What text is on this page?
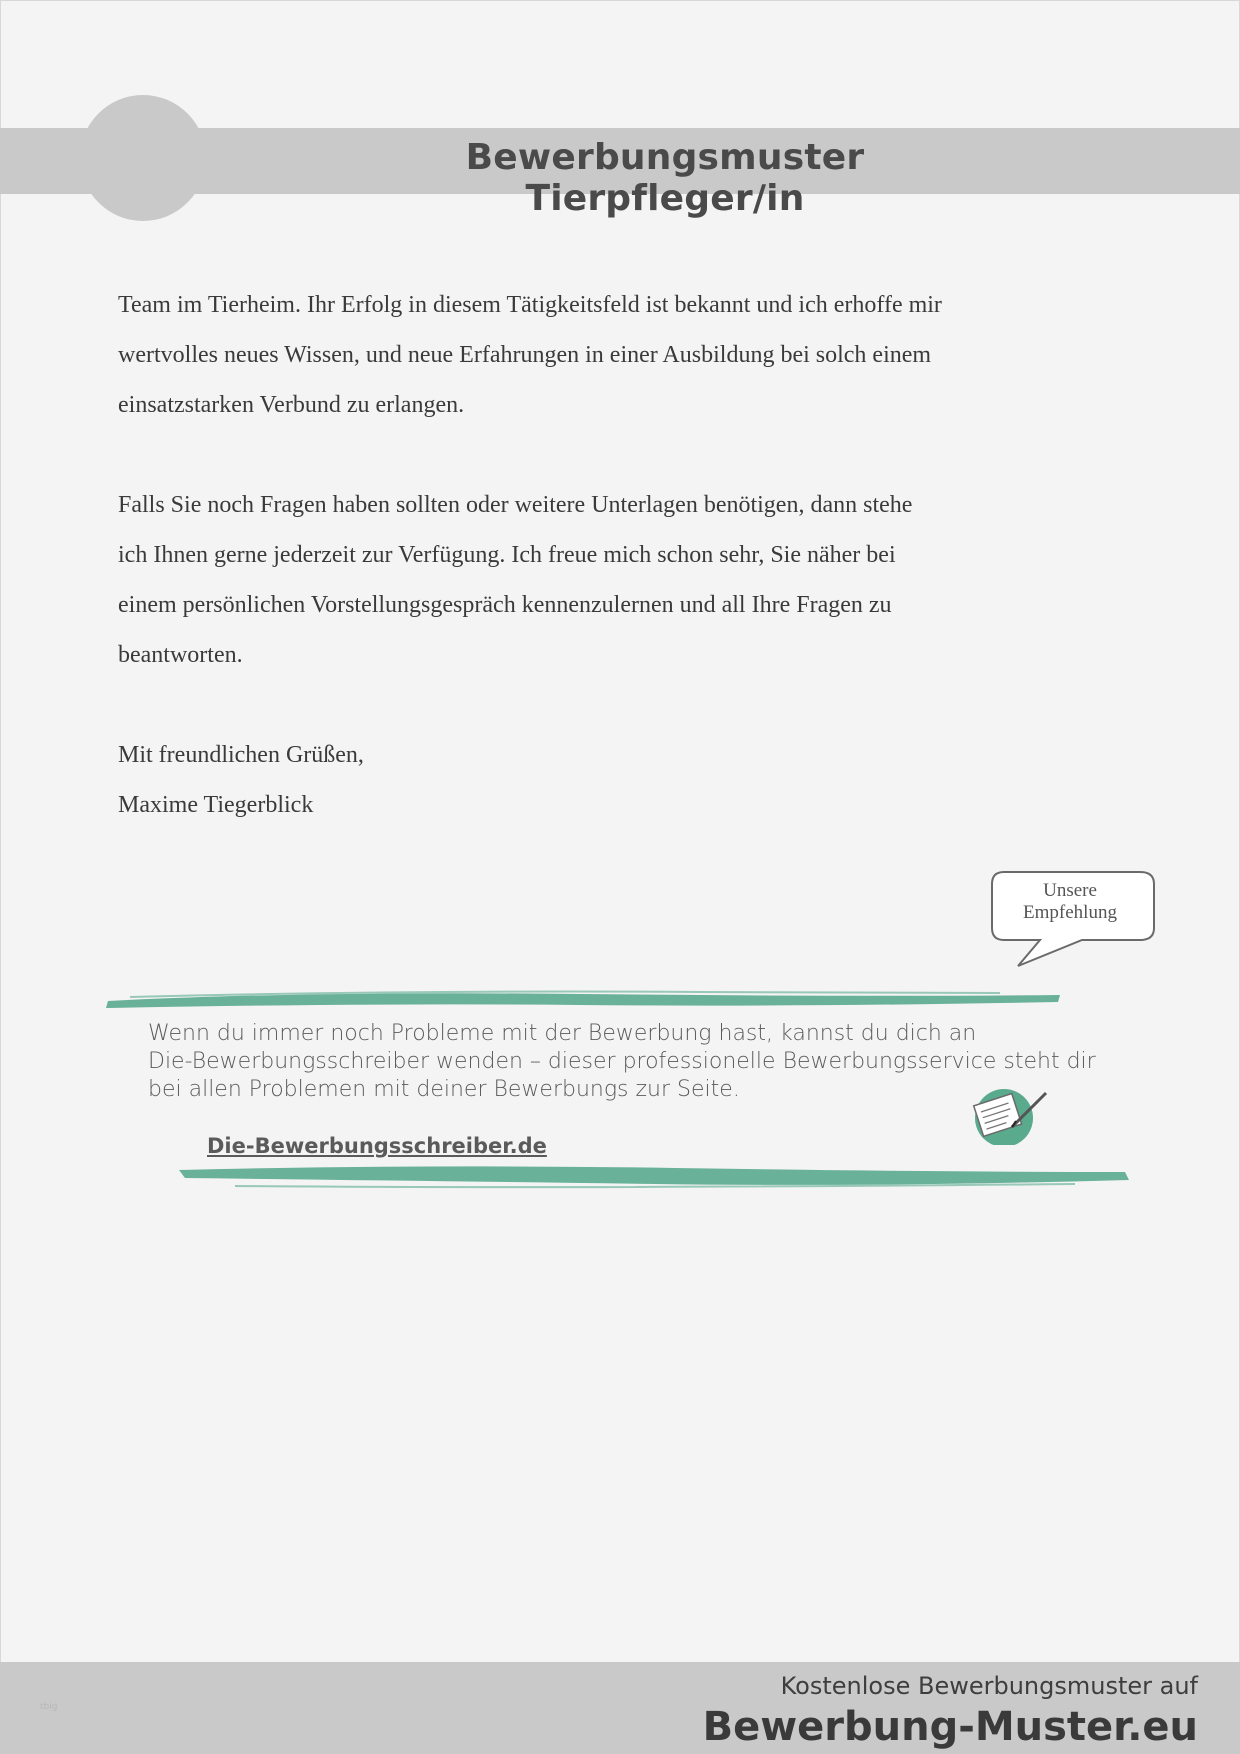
Bewerbungsmuster Tierpfleger/in

Team im Tierheim. Ihr Erfolg in diesem Tätigkeitsfeld ist bekannt und ich erhoffe mir

wertvolles neues Wissen, und neue Erfahrungen in einer Ausbildung bei solch einem

einsatzstarken Verbund zu erlangen.

Falls Sie noch Fragen haben sollten oder weitere Unterlagen benötigen, dann stehe

ich Ihnen gerne jederzeit zur Verfügung. Ich freue mich schon sehr, Sie näher bei

einem persönlichen Vorstellungsgespräch kennenzulernen und all Ihre Fragen zu

beantworten.

Mit freundlichen Grüßen,

Maxime Tiegerblick

Unsere
Empfehlung
Wenn du immer noch Probleme mit der Bewerbung hast, kannst du dich an
Die-Bewerbungsschreiber wenden – dieser professionelle Bewerbungsservice steht dir
bei allen Problemen mit deiner Bewerbungs zur Seite.
Die-Bewerbungsschreiber.de
tbig
Kostenlose Bewerbungsmuster auf
Bewerbung-Muster.eu
